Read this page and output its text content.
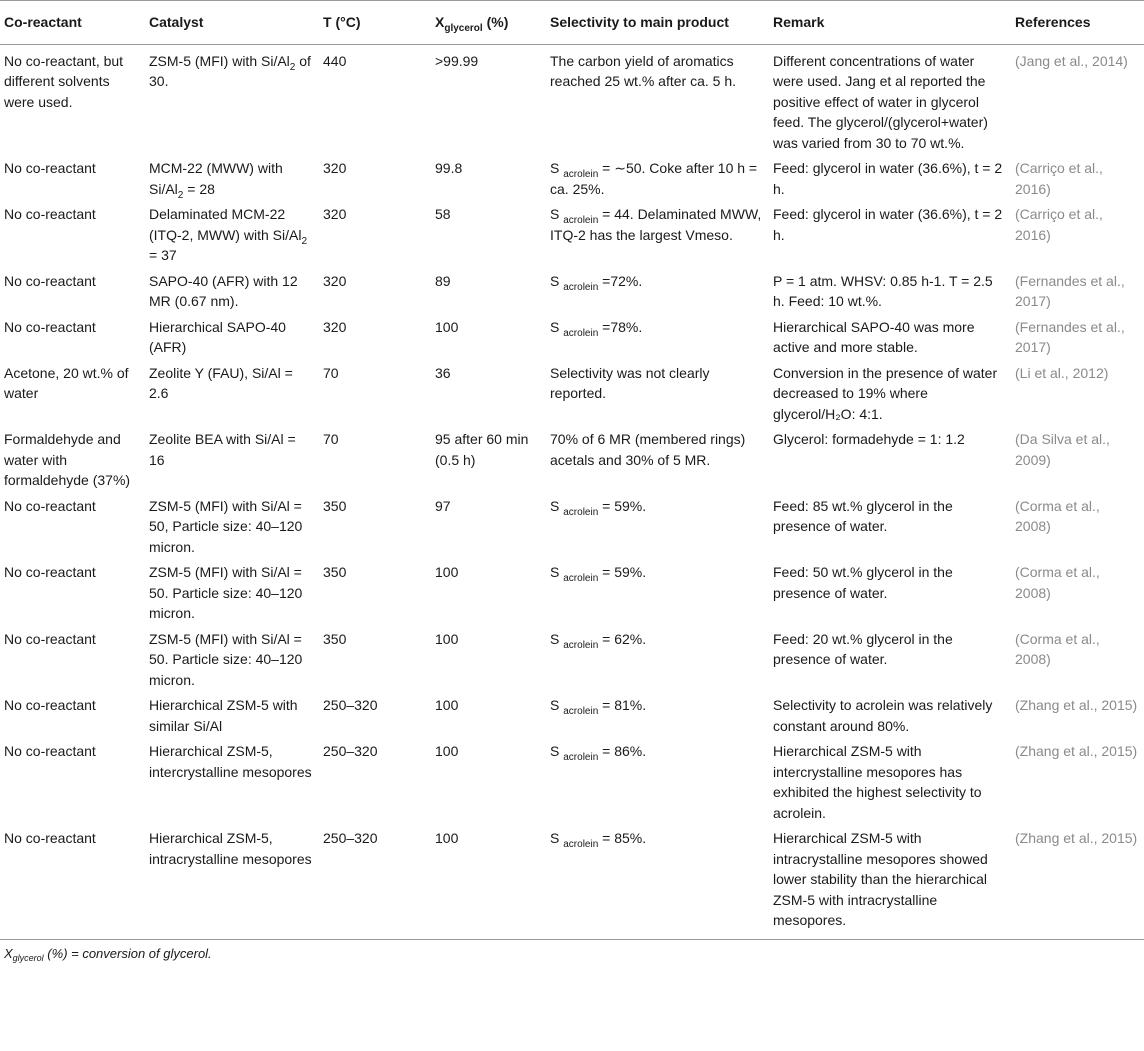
Co-reactant	Catalyst	T (°C)	$X_{glycerol}$ (%)	Selectivity to main product	Remark	References
No co-reactant, but different solvents were used.	ZSM-5 (MFI) with $Si/Al_2$ of 30.	440	>99.99	The carbon yield of aromatics reached 25 wt.% after ca. 5 h.	Different concentrations of water were used. Jang et al reported the positive effect of water in glycerol feed. The glycerol/(glycerol+water) was varied from 30 to 70 wt.%.	(Jang et al., 2014)
No co-reactant	MCM-22 (MWW) with $Si/Al_2 = 28$	320	99.8	S $_{acrolein}$ = ∼50. Coke after 10 h = ca. 25%.	Feed: glycerol in water (36.6%), t = 2 h.	(Carriço et al., 2016)
No co-reactant	Delaminated MCM-22 (ITQ-2, MWW) with $Si/Al_2 = 37$	320	58	S $_{acrolein}$ = 44. Delaminated MWW, ITQ-2 has the largest Vmeso.	Feed: glycerol in water (36.6%), t = 2 h.	(Carriço et al., 2016)
No co-reactant	SAPO-40 (AFR) with 12 MR (0.67 nm).	320	89	S $_{acrolein}$ =72%.	P = 1 atm. WHSV: 0.85 h-1. T = 2.5 h. Feed: 10 wt.%.	(Fernandes et al., 2017)
No co-reactant	Hierarchical SAPO-40 (AFR)	320	100	S $_{acrolein}$ =78%.	Hierarchical SAPO-40 was more active and more stable.	(Fernandes et al., 2017)
Acetone, 20 wt.% of water	Zeolite Y (FAU), Si/Al = 2.6	70	36	Selectivity was not clearly reported.	Conversion in the presence of water decreased to 19% where glycerol/H₂O: 4:1.	(Li et al., 2012)
Formaldehyde and water with formaldehyde (37%)	Zeolite BEA with Si/Al = 16	70	95 after 60 min (0.5 h)	70% of 6 MR (membered rings) acetals and 30% of 5 MR.	Glycerol: formadehyde = 1: 1.2	(Da Silva et al., 2009)
No co-reactant	ZSM-5 (MFI) with Si/Al = 50, Particle size: 40–120 micron.	350	97	S $_{acrolein}$ = 59%.	Feed: 85 wt.% glycerol in the presence of water.	(Corma et al., 2008)
No co-reactant	ZSM-5 (MFI) with Si/Al = 50. Particle size: 40–120 micron.	350	100	S $_{acrolein}$ = 59%.	Feed: 50 wt.% glycerol in the presence of water.	(Corma et al., 2008)
No co-reactant	ZSM-5 (MFI) with Si/Al = 50. Particle size: 40–120 micron.	350	100	S $_{acrolein}$ = 62%.	Feed: 20 wt.% glycerol in the presence of water.	(Corma et al., 2008)
No co-reactant	Hierarchical ZSM-5 with similar Si/Al	250–320	100	S $_{acrolein}$ = 81%.	Selectivity to acrolein was relatively constant around 80%.	(Zhang et al., 2015)
No co-reactant	Hierarchical ZSM-5, intercrystalline mesopores	250–320	100	S $_{acrolein}$ = 86%.	Hierarchical ZSM-5 with intercrystalline mesopores has exhibited the highest selectivity to acrolein.	(Zhang et al., 2015)
No co-reactant	Hierarchical ZSM-5, intracrystalline mesopores	250–320	100	S $_{acrolein}$ = 85%.	Hierarchical ZSM-5 with intracrystalline mesopores showed lower stability than the hierarchical ZSM-5 with intracrystalline mesopores.	(Zhang et al., 2015)
$X_{glycerol}$ (%) = conversion of glycerol.
